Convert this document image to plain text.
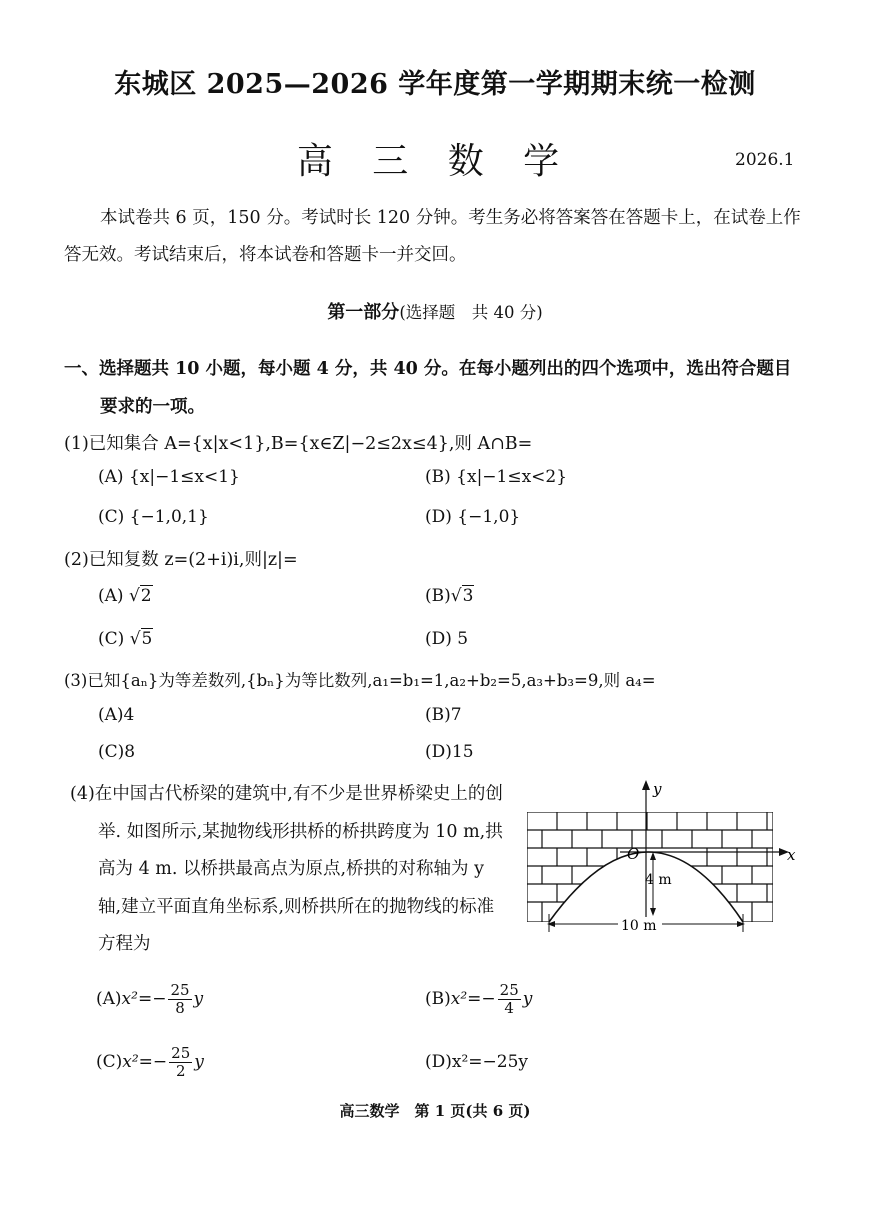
东城区 2025—2026 学年度第一学期期末统一检测
高 三 数 学	2026.1
本试卷共 6 页，150 分。考试时长 120 分钟。考生务必将答案答在答题卡上，在试卷上作答无效。考试结束后，将本试卷和答题卡一并交回。
第一部分(选择题　共 40 分)
一、选择题共 10 小题，每小题 4 分，共 40 分。在每小题列出的四个选项中，选出符合题目要求的一项。
(1)已知集合 A={x|x<1},B={x∈Z|−2≤2x≤4},则 A∩B=
(A) {x|−1≤x<1}	(B) {x|−1≤x<2}
(C) {−1,0,1}	(D) {−1,0}
(2)已知复数 z=(2+i)i,则|z|=
(A) √2	(B)√3
(C) √5	(D) 5
(3)已知{aₙ}为等差数列,{bₙ}为等比数列,a₁=b₁=1,a₂+b₂=5,a₃+b₃=9,则 a₄=
(A)4	(B)7
(C)8	(D)15
(4)在中国古代桥梁的建筑中,有不少是世界桥梁史上的创举. 如图所示,某抛物线形拱桥的桥拱跨度为 10 m,拱高为 4 m. 以桥拱最高点为原点,桥拱的对称轴为 y 轴,建立平面直角坐标系,则桥拱所在的抛物线的标准方程为
y
x
O
4 m
10 m
$(A)x^2=- \frac{25}{8}$ y	$(B)x^2=- \frac{25}{4}$ y
$(C)x^2=- \frac{25}{2}$ y	(D)x²=−25y
高三数学　第 1 页(共 6 页)
